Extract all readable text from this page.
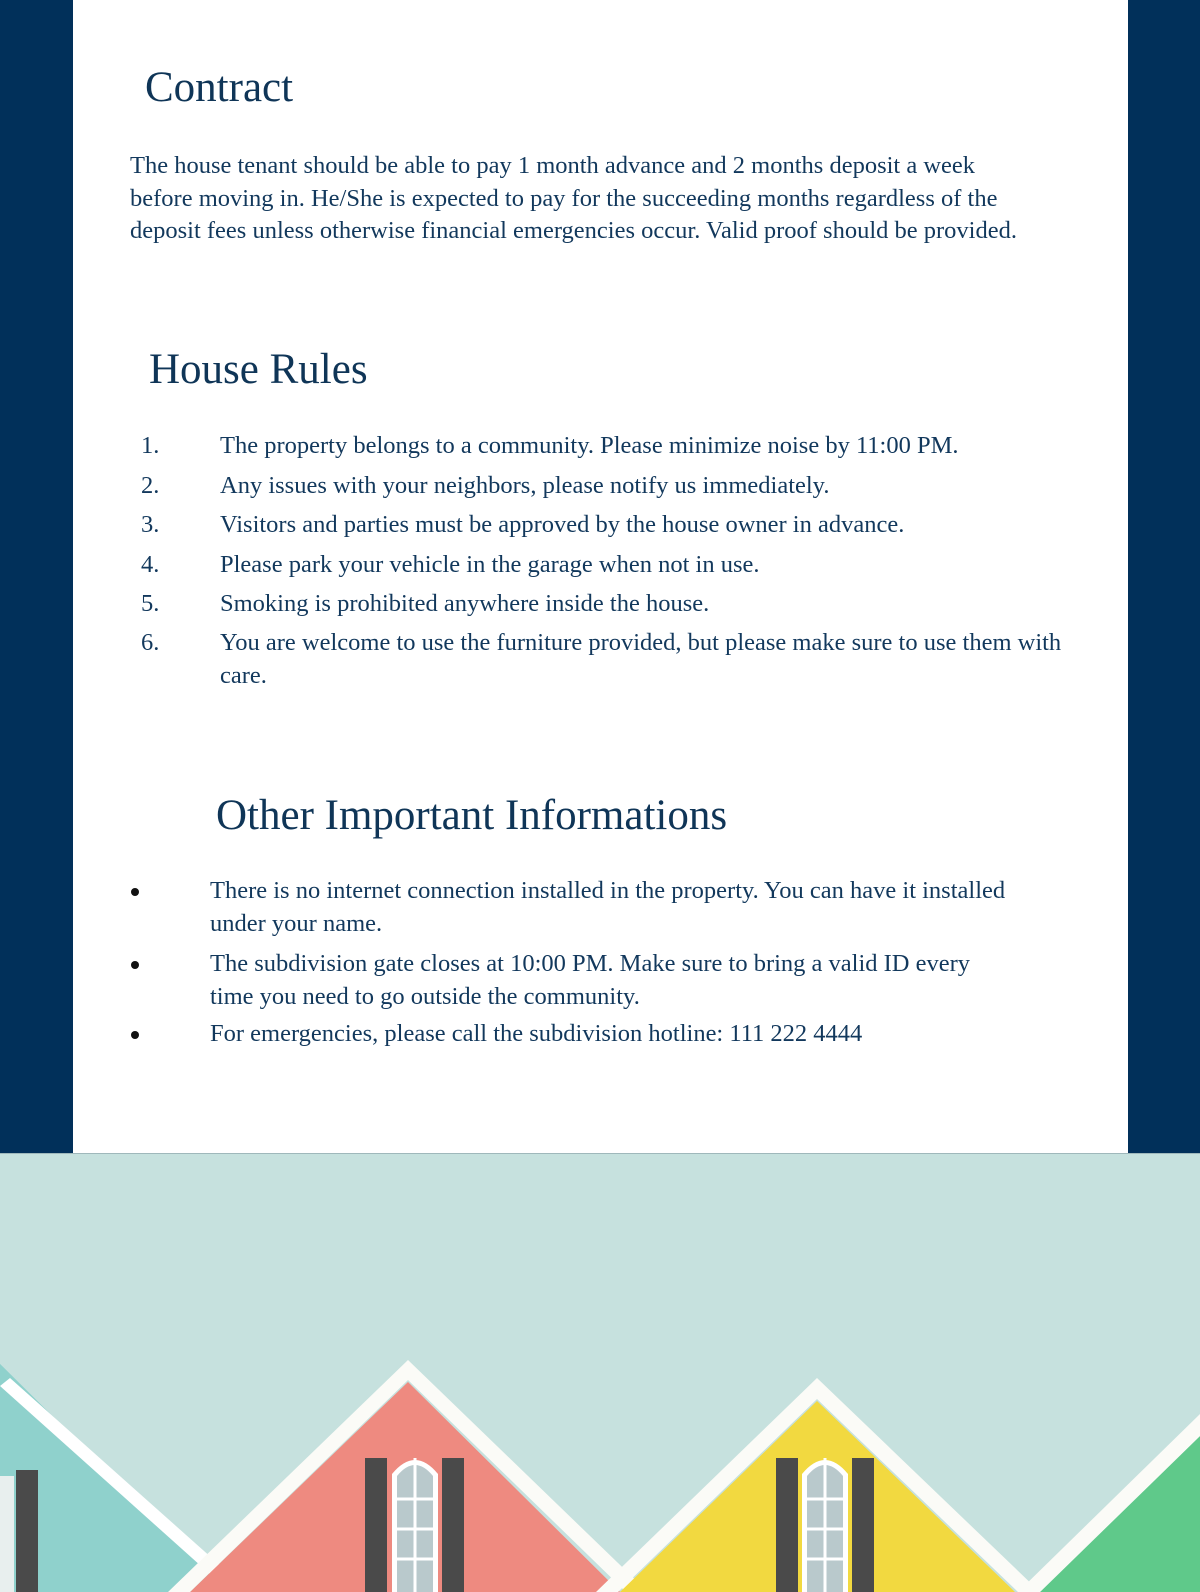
Contract

The house tenant should be able to pay 1 month advance and 2 months deposit a week before moving in. He/She is expected to pay for the succeeding months regardless of the deposit fees unless otherwise financial emergencies occur. Valid proof should be provided.

House Rules
1. The property belongs to a community. Please minimize noise by 11:00 PM.
2. Any issues with your neighbors, please notify us immediately.
3. Visitors and parties must be approved by the house owner in advance.
4. Please park your vehicle in the garage when not in use.
5. Smoking is prohibited anywhere inside the house.
6. You are welcome to use the furniture provided, but please make sure to use them with care.
Other Important Informations
There is no internet connection installed in the property. You can have it installed under your name.
The subdivision gate closes at 10:00 PM. Make sure to bring a valid ID every time you need to go outside the community.
For emergencies, please call the subdivision hotline: 111 222 4444
